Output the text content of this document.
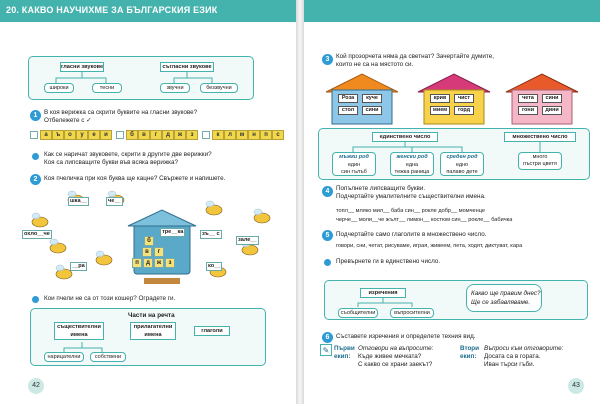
20. КАКВО НАУЧИХМЕ ЗА БЪЛГАРСКИЯ ЕЗИК
гласни звукове	съгласни звукове
широки	тесни	звучни	беззвучни
1	В коя верижка са скрити буквите на гласни звукове?
Отбележете с ✓
а	ъ	о	у	е	и	б	в	г	д	ж	з	к	л	м	н	п	с
Как се наричат звуковете, скрити в другите две верижки?
Коя са липсващите букви във всяка верижка?
2	Коя пчеличка при коя буква ще кацне? Свържете и напишете.
шка__	че__
охло__че	тре__ка	зъ__ с
зале__
__ра	ко__
б
в	г
п	д	ж	з
Кои пчели не са от този кошер? Оградете ги.
Части на речта
съществителни имена
прилагателни имена
глаголи
нарицателни	собствени
42
3	Кой прозорчета няма да светнат? Зачертайте думите,
които не са на мястото си.
Роза	куче
стол	сини
крив	чист
мием	горд
чета	сини
гони	дини
единствено число	множествено число
мъжки род
един
син гълъб
женски род
една
тежка раница
среден род
едно
палаво дете
много
пъстри цветя
4	Попълнете липсващите букви.
Подчертайте умалителните съществителни имена.
топл__ млякo мил__ баба син__ роклe добр__ момченце
черче__ моли__че жълт__ лимон__ костюм син__ роклe__ бабичка
5	Подчертайте само глаголите в множествено число.
говори, сни, четат, рисуваме, играя, живеем, пета, ходят, диктуват, кара
Превърнете ги в единствено число.
изречения
съобщителни	въпросителни
Какво ще правим днес?
Ще се забавляваме.
6	Съставете изречения и определете техния вид.
✎ Първи
екип:
Отговори на въпросите:
Къде живее мечката?
С какво се храни заекът?
Втори
екип:
Въпроси към отговорите:
Досата са в гората.
Иван търси гъби.
43
